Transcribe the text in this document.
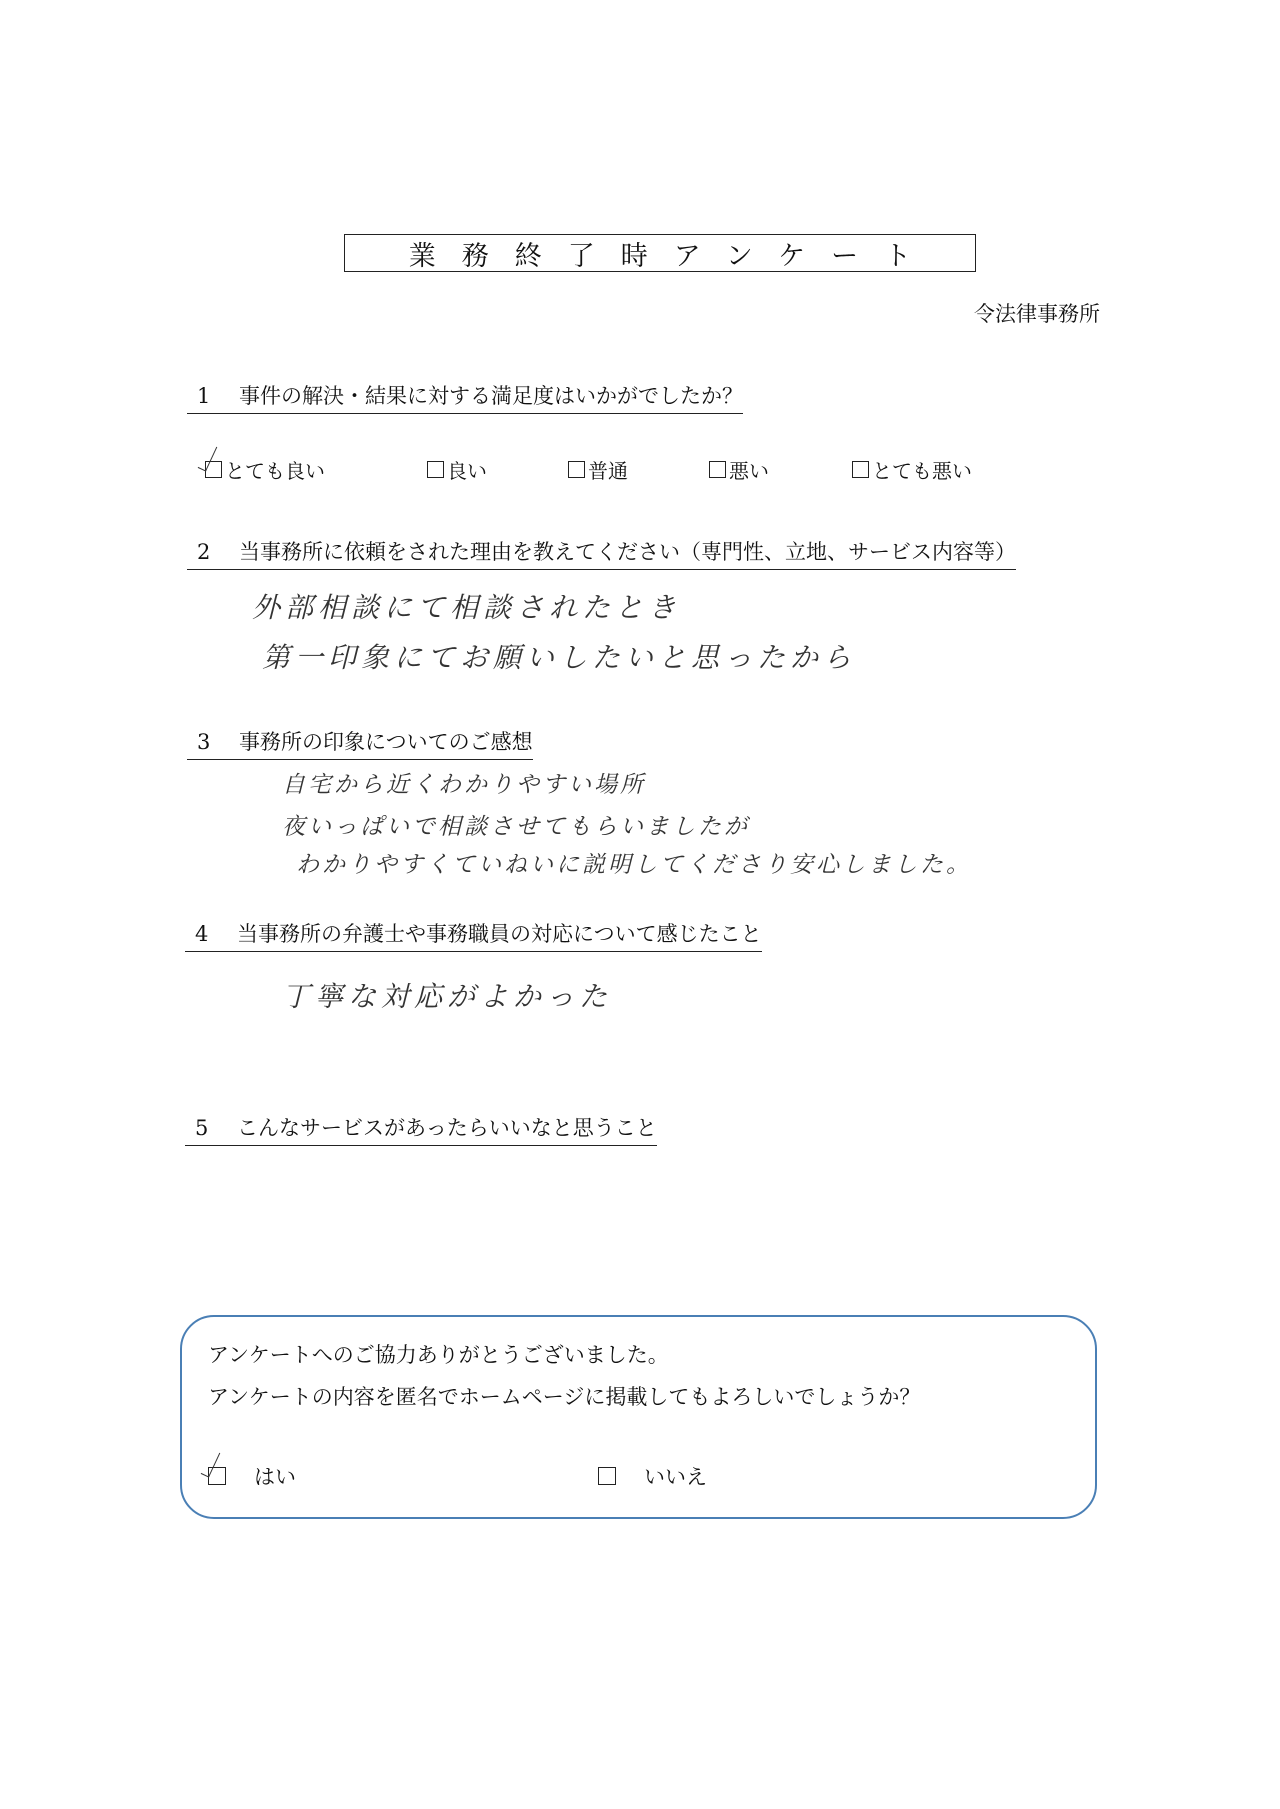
業務終了時アンケート
令法律事務所
1 事件の解決・結果に対する満足度はいかがでしたか？
とても良い	良い	普通	悪い	とても悪い
2 当事務所に依頼をされた理由を教えてください（専門性、立地、サービス内容等）
外部相談にて相談されたとき
第一印象にてお願いしたいと思ったから
3 事務所の印象についてのご感想
自宅から近くわかりやすい場所
夜いっぱいで相談させてもらいましたが
わかりやすくていねいに説明してくださり安心しました。
4 当事務所の弁護士や事務職員の対応について感じたこと
丁寧な対応がよかった
5 こんなサービスがあったらいいなと思うこと
アンケートへのご協力ありがとうございました。
アンケートの内容を匿名でホームページに掲載してもよろしいでしょうか？
はい	いいえ
